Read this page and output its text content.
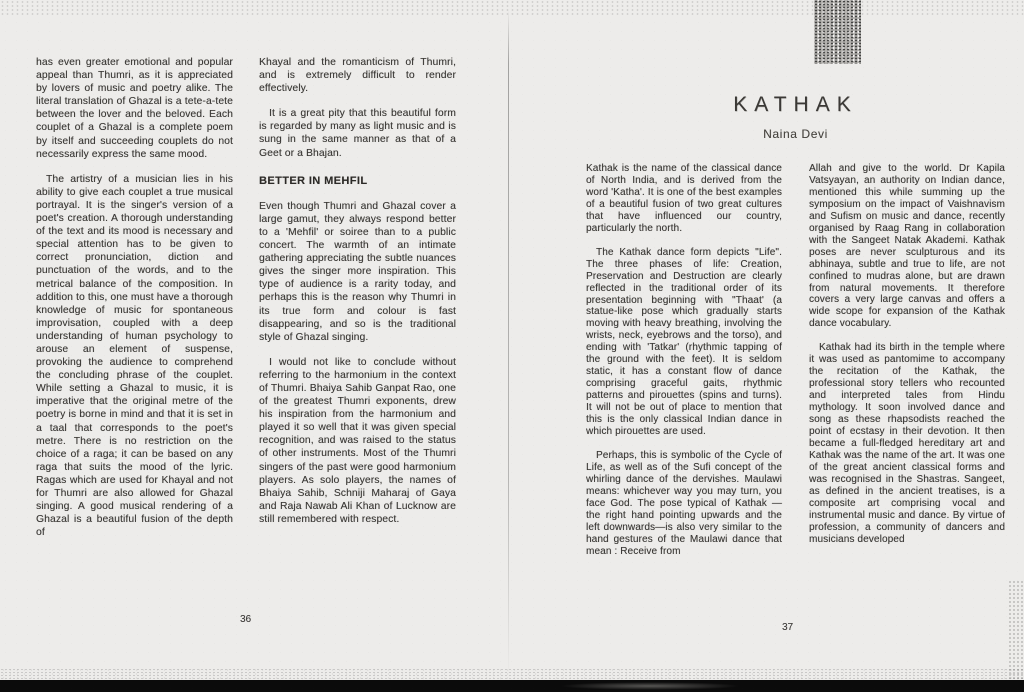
has even greater emotional and popular appeal than Thumri, as it is appreciated by lovers of music and poetry alike. The literal translation of Ghazal is a tete-a-tete between the lover and the beloved. Each couplet of a Ghazal is a complete poem by itself and succeeding couplets do not necessarily express the same mood.

The artistry of a musician lies in his ability to give each couplet a true musical portrayal. It is the singer's version of a poet's creation. A thorough understanding of the text and its mood is necessary and special attention has to be given to correct pronunciation, diction and punctuation of the words, and to the metrical balance of the composition. In addition to this, one must have a thorough knowledge of music for spontaneous improvisation, coupled with a deep understanding of human psychology to arouse an element of suspense, provoking the audience to comprehend the concluding phrase of the couplet. While setting a Ghazal to music, it is imperative that the original metre of the poetry is borne in mind and that it is set in a taal that corresponds to the poet's metre. There is no restriction on the choice of a raga; it can be based on any raga that suits the mood of the lyric. Ragas which are used for Khayal and not for Thumri are also allowed for Ghazal singing. A good musical rendering of a Ghazal is a beautiful fusion of the depth of

Khayal and the romanticism of Thumri, and is extremely difficult to render effectively.

It is a great pity that this beautiful form is regarded by many as light music and is sung in the same manner as that of a Geet or a Bhajan.

BETTER IN MEHFIL

Even though Thumri and Ghazal cover a large gamut, they always respond better to a 'Mehfil' or soiree than to a public concert. The warmth of an intimate gathering appreciating the subtle nuances gives the singer more inspiration. This type of audience is a rarity today, and perhaps this is the reason why Thumri in its true form and colour is fast disappearing, and so is the traditional style of Ghazal singing.

I would not like to conclude without referring to the harmonium in the context of Thumri. Bhaiya Sahib Ganpat Rao, one of the greatest Thumri exponents, drew his inspiration from the harmonium and played it so well that it was given special recognition, and was raised to the status of other instruments. Most of the Thumri singers of the past were good harmonium players. As solo players, the names of Bhaiya Sahib, Schniji Maharaj of Gaya and Raja Nawab Ali Khan of Lucknow are still remembered with respect.

36
KATHAK
Naina Devi

Kathak is the name of the classical dance of North India, and is derived from the word 'Katha'. It is one of the best examples of a beautiful fusion of two great cultures that have influenced our country, particularly the north.

The Kathak dance form depicts "Life". The three phases of life: Creation, Preservation and Destruction are clearly reflected in the traditional order of its presentation beginning with "Thaat' (a statue-like pose which gradually starts moving with heavy breathing, involving the wrists, neck, eyebrows and the torso), and ending with 'Tatkar' (rhythmic tapping of the ground with the feet). It is seldom static, it has a constant flow of dance comprising graceful gaits, rhythmic patterns and pirouettes (spins and turns). It will not be out of place to mention that this is the only classical Indian dance in which pirouettes are used.

Perhaps, this is symbolic of the Cycle of Life, as well as of the Sufi concept of the whirling dance of the dervishes. Maulawi means: whichever way you may turn, you face God. The pose typical of Kathak — the right hand pointing upwards and the left downwards—is also very similar to the hand gestures of the Maulawi dance that mean : Receive from

Allah and give to the world. Dr Kapila Vatsyayan, an authority on Indian dance, mentioned this while summing up the symposium on the impact of Vaishnavism and Sufism on music and dance, recently organised by Raag Rang in collaboration with the Sangeet Natak Akademi. Kathak poses are never sculpturous and its abhinaya, subtle and true to life, are not confined to mudras alone, but are drawn from natural movements. It therefore covers a very large canvas and offers a wide scope for expansion of the Kathak dance vocabulary.

Kathak had its birth in the temple where it was used as pantomime to accompany the recitation of the Kathak, the professional story tellers who recounted and interpreted tales from Hindu mythology. It soon involved dance and song as these rhapsodists reached the point of ecstasy in their devotion. It then became a full-fledged hereditary art and Kathak was the name of the art. It was one of the great ancient classical forms and was recognised in the Shastras. Sangeet, as defined in the ancient treatises, is a composite art comprising vocal and instrumental music and dance. By virtue of profession, a community of dancers and musicians developed

37
